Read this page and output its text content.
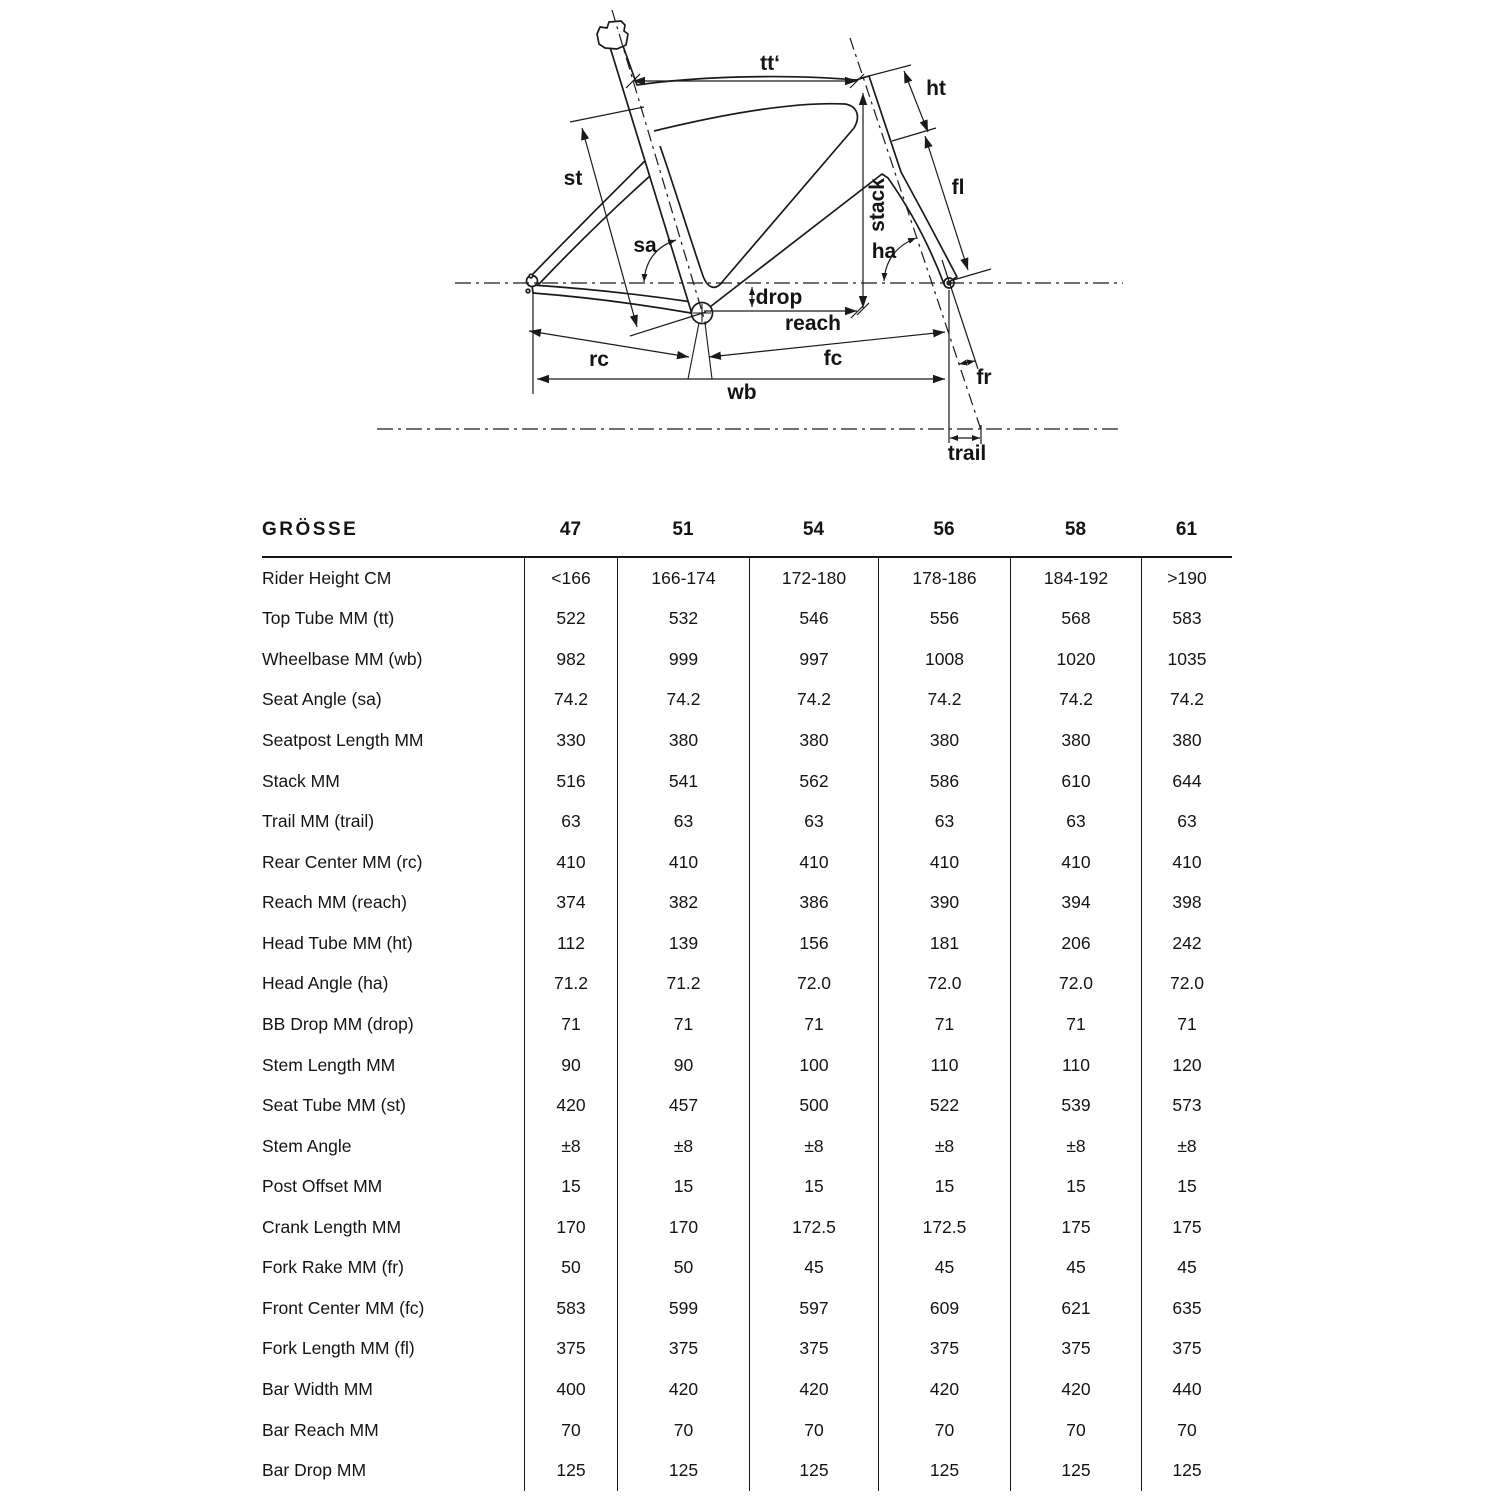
tt‘
ht
fl
st	stack
sa	ha
drop
reach
rc	fc
fr
wb
trail
GRÖSSE	47	51	54	56	58	61
Rider Height CM	<166	166-174	172-180	178-186	184-192	>190
Top Tube MM (tt)	522	532	546	556	568	583
Wheelbase MM (wb)	982	999	997	1008	1020	1035
Seat Angle (sa)	74.2	74.2	74.2	74.2	74.2	74.2
Seatpost Length MM	330	380	380	380	380	380
Stack MM	516	541	562	586	610	644
Trail MM (trail)	63	63	63	63	63	63
Rear Center MM (rc)	410	410	410	410	410	410
Reach MM (reach)	374	382	386	390	394	398
Head Tube MM (ht)	112	139	156	181	206	242
Head Angle (ha)	71.2	71.2	72.0	72.0	72.0	72.0
BB Drop MM (drop)	71	71	71	71	71	71
Stem Length MM	90	90	100	110	110	120
Seat Tube MM (st)	420	457	500	522	539	573
Stem Angle	±8	±8	±8	±8	±8	±8
Post Offset MM	15	15	15	15	15	15
Crank Length MM	170	170	172.5	172.5	175	175
Fork Rake MM (fr)	50	50	45	45	45	45
Front Center MM (fc)	583	599	597	609	621	635
Fork Length MM (fl)	375	375	375	375	375	375
Bar Width MM	400	420	420	420	420	440
Bar Reach MM	70	70	70	70	70	70
Bar Drop MM	125	125	125	125	125	125
